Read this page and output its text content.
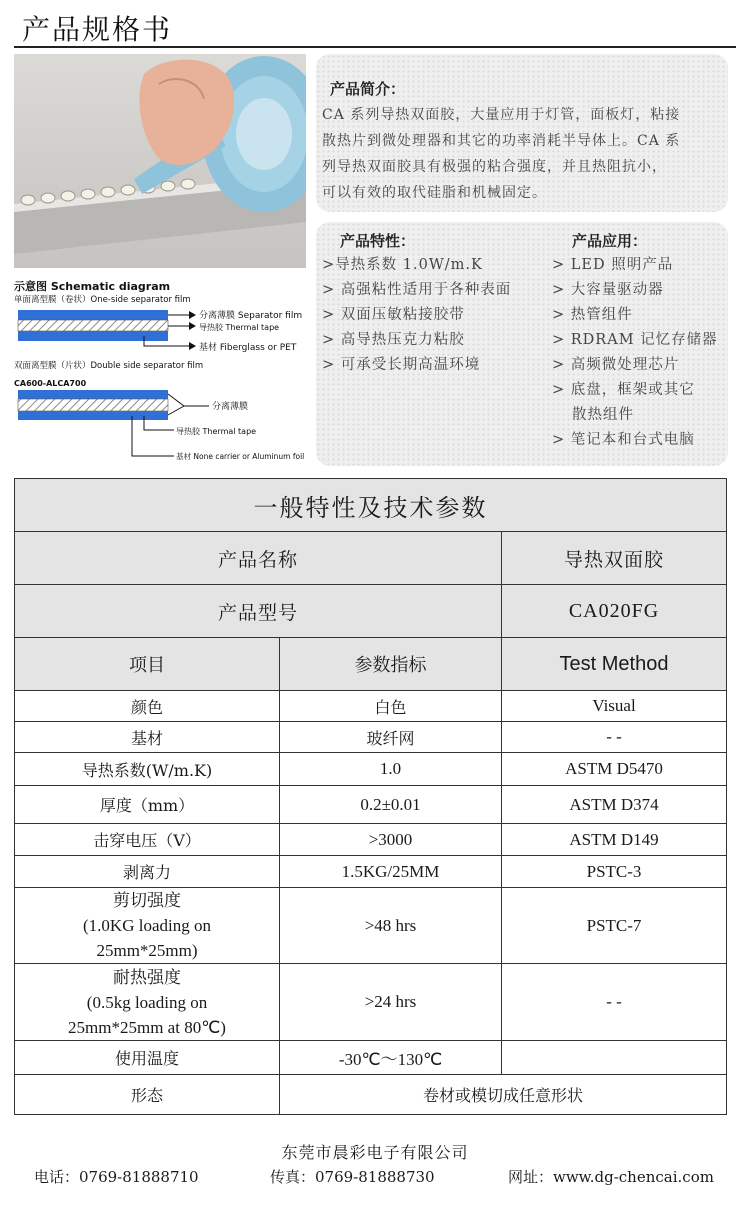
产品规格书
示意图 Schematic diagram
单面离型膜（卷状）One-side separator film
分离薄膜 Separator film
导热胶 Thermal tape
基材 Fiberglass or PET
双面离型膜（片状）Double side separator film
CA600-ALCA700
分离薄膜
导热胶 Thermal tape
基材 None carrier or Aluminum foil
产品简介：
CA 系列导热双面胶，大量应用于灯管，面板灯，粘接
散热片到微处理器和其它的功率消耗半导体上。CA 系
列导热双面胶具有极强的粘合强度，并且热阻抗小，
可以有效的取代硅脂和机械固定。
产品特性：	产品应用：
>导热系数 1.0W/m.K
> 高强粘性适用于各种表面
> 双面压敏粘接胶带
> 高导热压克力粘胶
> 可承受长期高温环境
> LED 照明产品
> 大容量驱动器
> 热管组件
> RDRAM 记忆存储器
> 高频微处理芯片
> 底盘，框架或其它
散热组件
> 笔记本和台式电脑
一般特性及技术参数		
产品名称		导热双面胶
产品型号		CA020FG
项目	参数指标	Test Method
颜色	白色	Visual
基材	玻纤网	- -
导热系数(W/m.K)	1.0	ASTM D5470
厚度（mm）	0.2±0.01	ASTM D374
击穿电压（V）	>3000	ASTM D149
剥离力	1.5KG/25MM	PSTC-3

剪切强度
(1.0KG loading on
25mm*25mm)	>48 hrs	PSTC-7

耐热强度
(0.5kg loading on
25mm*25mm at 80℃)	>24 hrs	- -
使用温度	-30℃～130℃	
形态	卷材或模切成任意形状	
东莞市晨彩电子有限公司
电话：0769-81888710	传真：0769-81888730	网址：www.dg-chencai.com
